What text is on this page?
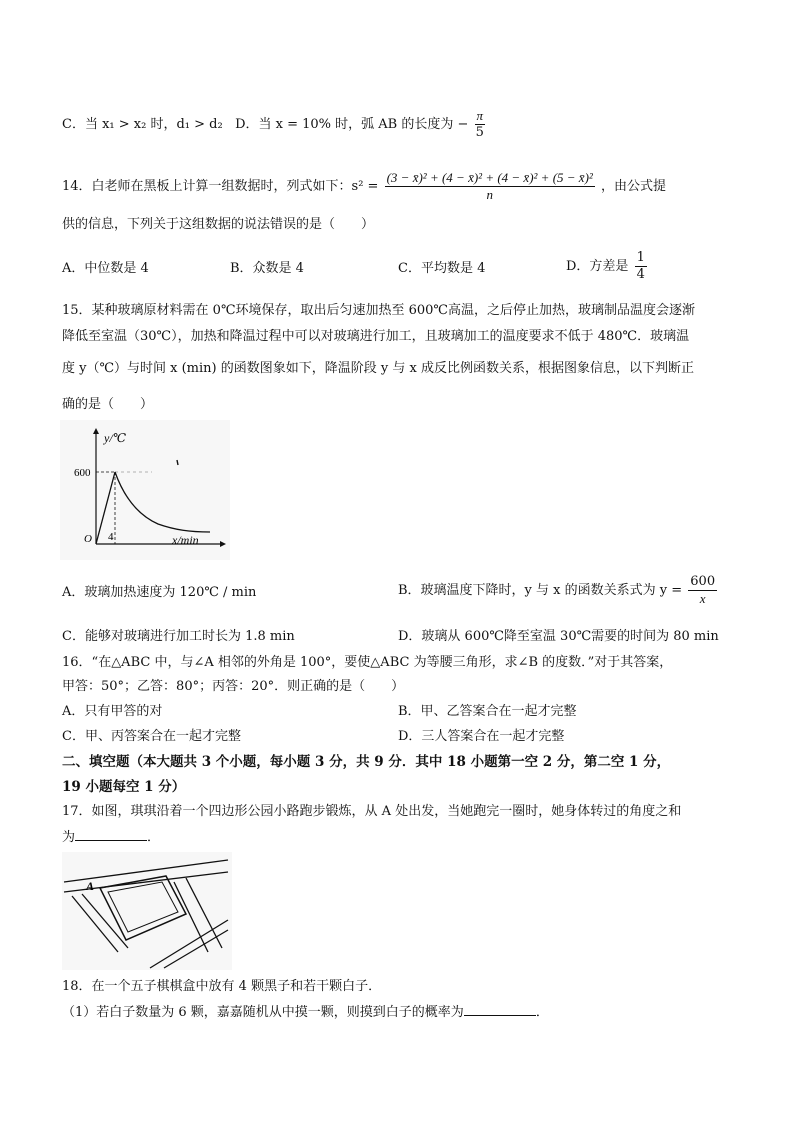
C．当 x₁ > x₂ 时，d₁ > d₂ D．当 x = 10% 时，弧 AB 的长度为 − $\frac{\pi}{5}$
14．白老师在黑板上计算一组数据时，列式如下：$s^2 = \frac{\text{(3 − x̄)² + (4 − x̄)² + (4 − x̄)² + (5 − x̄)²}}{n}$ ，由公式提
供的信息，下列关于这组数据的说法错误的是（　　）
A．中位数是 4	B．众数是 4	C．平均数是 4	D．方差是 $\frac{1}{4}$
15．某种玻璃原材料需在 0℃环境保存，取出后匀速加热至 600℃高温，之后停止加热，玻璃制品温度会逐渐
降低至室温（30℃），加热和降温过程中可以对玻璃进行加工，且玻璃加工的温度要求不低于 480℃．玻璃温
度 y（℃）与时间 x (min) 的函数图象如下，降温阶段 y 与 x 成反比例函数关系，根据图象信息，以下判断正
确的是（　　）
y/℃
x/min
600
4
O
A．玻璃加热速度为 120℃ / min	B．玻璃温度下降时，y 与 x 的函数关系式为 $y = \frac{600}{x}$
C．能够对玻璃进行加工时长为 1.8 min	D．玻璃从 600℃降至室温 30℃需要的时间为 80 min
16．“在△ABC 中，与∠A 相邻的外角是 100°，要使△ABC 为等腰三角形，求∠B 的度数．”对于其答案，
甲答：50°；乙答：80°；丙答：20°．则正确的是（　　）
A．只有甲答的对	B．甲、乙答案合在一起才完整
C．甲、丙答案合在一起才完整	D．三人答案合在一起才完整
二、填空题（本大题共 3 个小题，每小题 3 分，共 9 分．其中 18 小题第一空 2 分，第二空 1 分，
19 小题每空 1 分）
17．如图，琪琪沿着一个四边形公园小路跑步锻炼，从 A 处出发，当她跑完一圈时，她身体转过的角度之和
为	．
A
18．在一个五子棋棋盒中放有 4 颗黑子和若干颗白子．
（1）若白子数量为 6 颗，嘉嘉随机从中摸一颗，则摸到白子的概率为	．
